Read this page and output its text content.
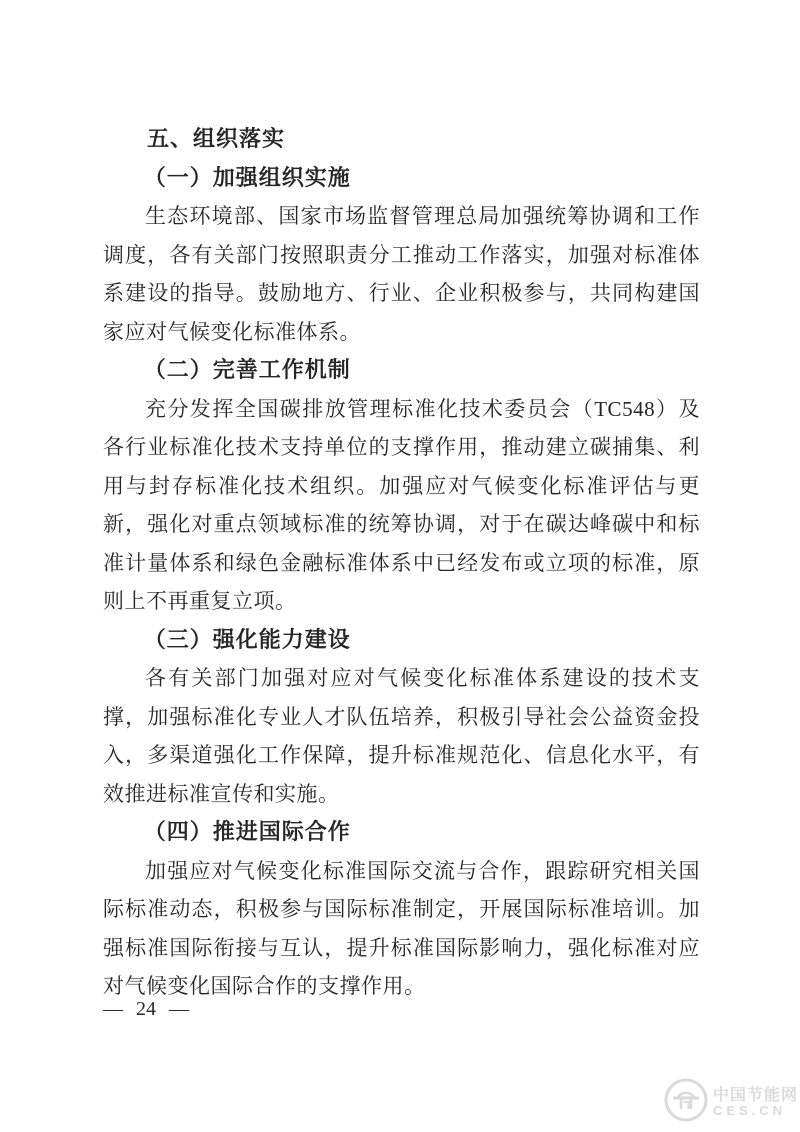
五、组织落实
（一）加强组织实施

生态环境部、国家市场监督管理总局加强统筹协调和工作调度，各有关部门按照职责分工推动工作落实，加强对标准体系建设的指导。鼓励地方、行业、企业积极参与，共同构建国家应对气候变化标准体系。

（二）完善工作机制

充分发挥全国碳排放管理标准化技术委员会（TC548）及各行业标准化技术支持单位的支撑作用，推动建立碳捕集、利用与封存标准化技术组织。加强应对气候变化标准评估与更新，强化对重点领域标准的统筹协调，对于在碳达峰碳中和标准计量体系和绿色金融标准体系中已经发布或立项的标准，原则上不再重复立项。

（三）强化能力建设

各有关部门加强对应对气候变化标准体系建设的技术支撑，加强标准化专业人才队伍培养，积极引导社会公益资金投入，多渠道强化工作保障，提升标准规范化、信息化水平，有效推进标准宣传和实施。

（四）推进国际合作

加强应对气候变化标准国际交流与合作，跟踪研究相关国际标准动态，积极参与国际标准制定，开展国际标准培训。加强标准国际衔接与互认，提升标准国际影响力，强化标准对应对气候变化国际合作的支撑作用。

— 24 —
中国节能网
CES.CN
